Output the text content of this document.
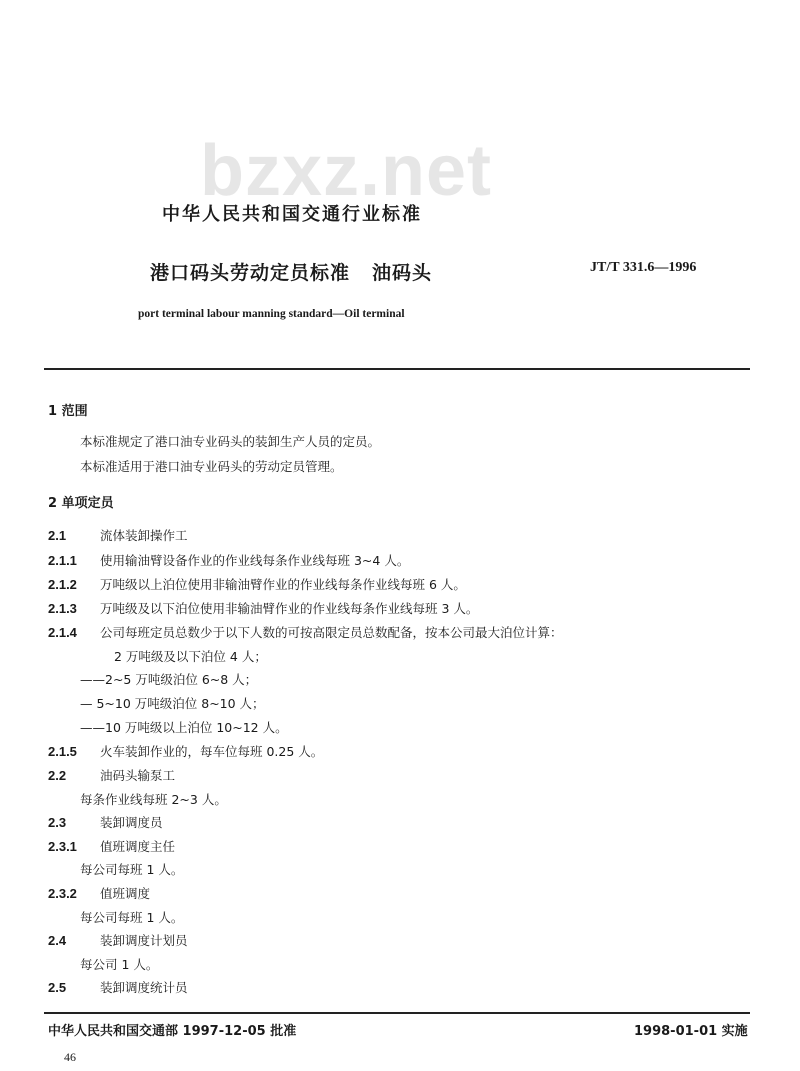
bzxz.net
中华人民共和国交通行业标准
港口码头劳动定员标准 油码头	JT/T 331.6—1996
port terminal labour manning standard—Oil terminal
1 范围
本标准规定了港口油专业码头的装卸生产人员的定员。
本标准适用于港口油专业码头的劳动定员管理。
2 单项定员
2.1	流体装卸操作工
2.1.1 使用输油臂设备作业的作业线每条作业线每班 3~4 人。
2.1.2 万吨级以上泊位使用非输油臂作业的作业线每条作业线每班 6 人。
2.1.3 万吨级及以下泊位使用非输油臂作业的作业线每条作业线每班 3 人。
2.1.4 公司每班定员总数少于以下人数的可按高限定员总数配备，按本公司最大泊位计算：
2 万吨级及以下泊位 4 人；
——2~5 万吨级泊位 6~8 人；
— 5~10 万吨级泊位 8~10 人；
——10 万吨级以上泊位 10~12 人。
2.1.5 火车装卸作业的，每车位每班 0.25 人。
2.2	油码头输泵工
每条作业线每班 2~3 人。
2.3	装卸调度员
2.3.1 值班调度主任
每公司每班 1 人。
2.3.2 值班调度
每公司每班 1 人。
2.4	装卸调度计划员
每公司 1 人。
2.5	装卸调度统计员
中华人民共和国交通部 1997-12-05 批准	1998-01-01 实施
46
